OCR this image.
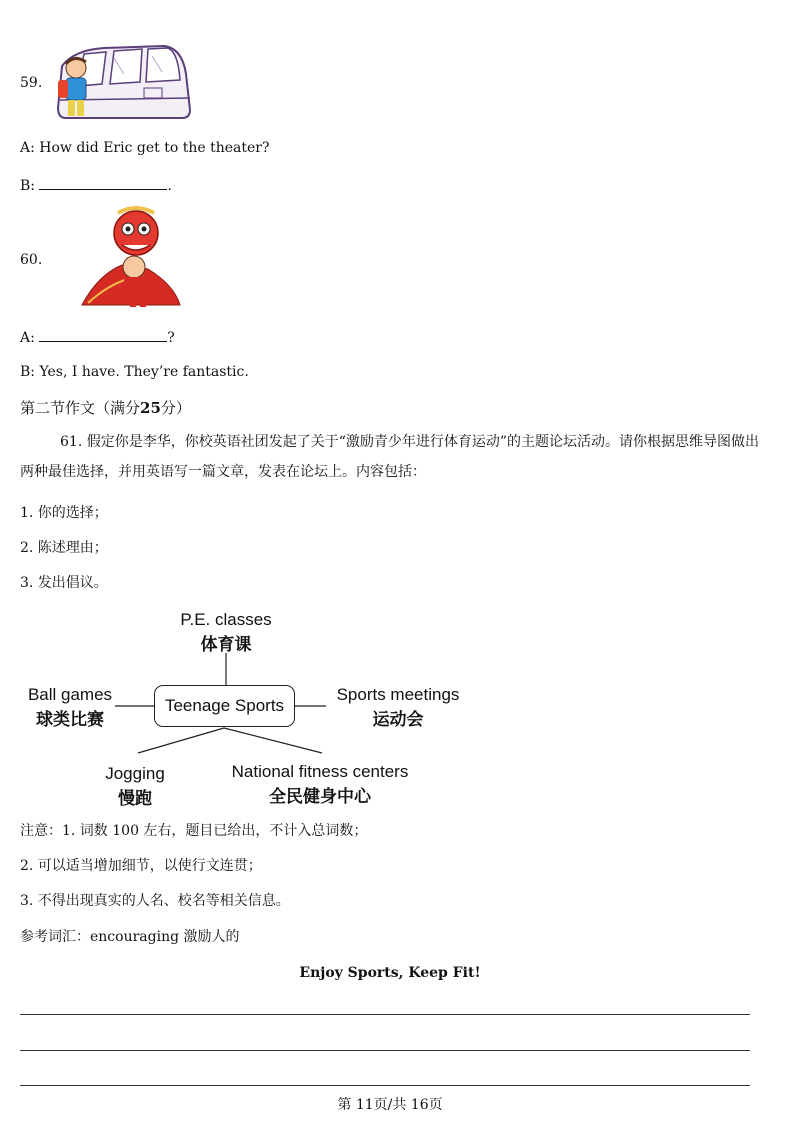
59.
A: How did Eric get to the theater?
B:	.
60.
A:	?
B: Yes, I have. They’re fantastic.
第二节作文（满分25分）
61. 假定你是李华，你校英语社团发起了关于“激励青少年进行体育运动”的主题论坛活动。请你根据思维导图做出两种最佳选择，并用英语写一篇文章，发表在论坛上。内容包括：
1. 你的选择；
2. 陈述理由；
3. 发出倡议。
Teenage Sports
P.E. classes
体育课
Ball games
球类比赛
Sports meetings
运动会
Jogging
慢跑
National fitness centers
全民健身中心
注意：1. 词数 100 左右，题目已给出，不计入总词数；
2. 可以适当增加细节，以使行文连贯；
3. 不得出现真实的人名、校名等相关信息。
参考词汇：encouraging 激励人的
Enjoy Sports, Keep Fit!
第 11页/共 16页
